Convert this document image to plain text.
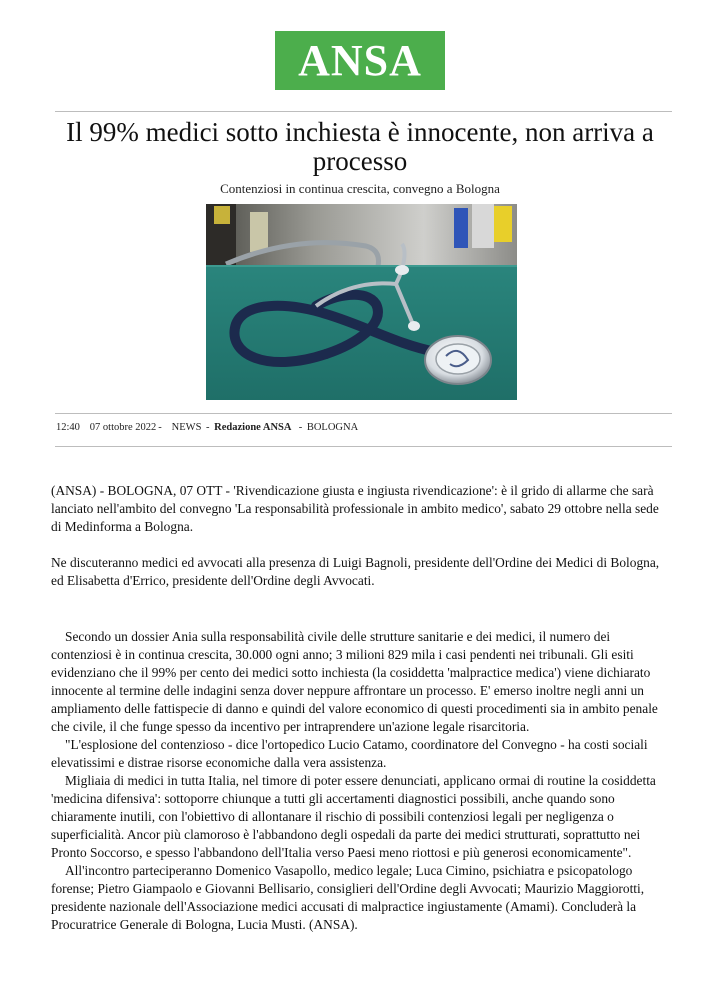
ANSA
Il 99% medici sotto inchiesta è innocente, non arriva a processo
Contenziosi in continua crescita, convegno a Bologna
12:40 07 ottobre 2022 - NEWS - Redazione ANSA - BOLOGNA

(ANSA) - BOLOGNA, 07 OTT - 'Rivendicazione giusta e ingiusta rivendicazione': è il grido di allarme che sarà lanciato nell'ambito del convegno 'La responsabilità professionale in ambito medico', sabato 29 ottobre nella sede di Medinforma a Bologna.

Ne discuteranno medici ed avvocati alla presenza di Luigi Bagnoli, presidente dell'Ordine dei Medici di Bologna, ed Elisabetta d'Errico, presidente dell'Ordine degli Avvocati.

Secondo un dossier Ania sulla responsabilità civile delle strutture sanitarie e dei medici, il numero dei contenziosi è in continua crescita, 30.000 ogni anno; 3 milioni 829 mila i casi pendenti nei tribunali. Gli esiti evidenziano che il 99% per cento dei medici sotto inchiesta (la cosiddetta 'malpractice medica') viene dichiarato innocente al termine delle indagini senza dover neppure affrontare un processo. E' emerso inoltre negli anni un ampliamento delle fattispecie di danno e quindi del valore economico di questi procedimenti sia in ambito penale che civile, il che funge spesso da incentivo per intraprendere un'azione legale risarcitoria.

"L'esplosione del contenzioso - dice l'ortopedico Lucio Catamo, coordinatore del Convegno - ha costi sociali elevatissimi e distrae risorse economiche dalla vera assistenza.

Migliaia di medici in tutta Italia, nel timore di poter essere denunciati, applicano ormai di routine la cosiddetta 'medicina difensiva': sottoporre chiunque a tutti gli accertamenti diagnostici possibili, anche quando sono chiaramente inutili, con l'obiettivo di allontanare il rischio di possibili contenziosi legali per negligenza o superficialità. Ancor più clamoroso è l'abbandono degli ospedali da parte dei medici strutturati, soprattutto nei Pronto Soccorso, e spesso l'abbandono dell'Italia verso Paesi meno riottosi e più generosi economicamente".

All'incontro parteciperanno Domenico Vasapollo, medico legale; Luca Cimino, psichiatra e psicopatologo forense; Pietro Giampaolo e Giovanni Bellisario, consiglieri dell'Ordine degli Avvocati; Maurizio Maggiorotti, presidente nazionale dell'Associazione medici accusati di malpractice ingiustamente (Amami). Concluderà la Procuratrice Generale di Bologna, Lucia Musti. (ANSA).
